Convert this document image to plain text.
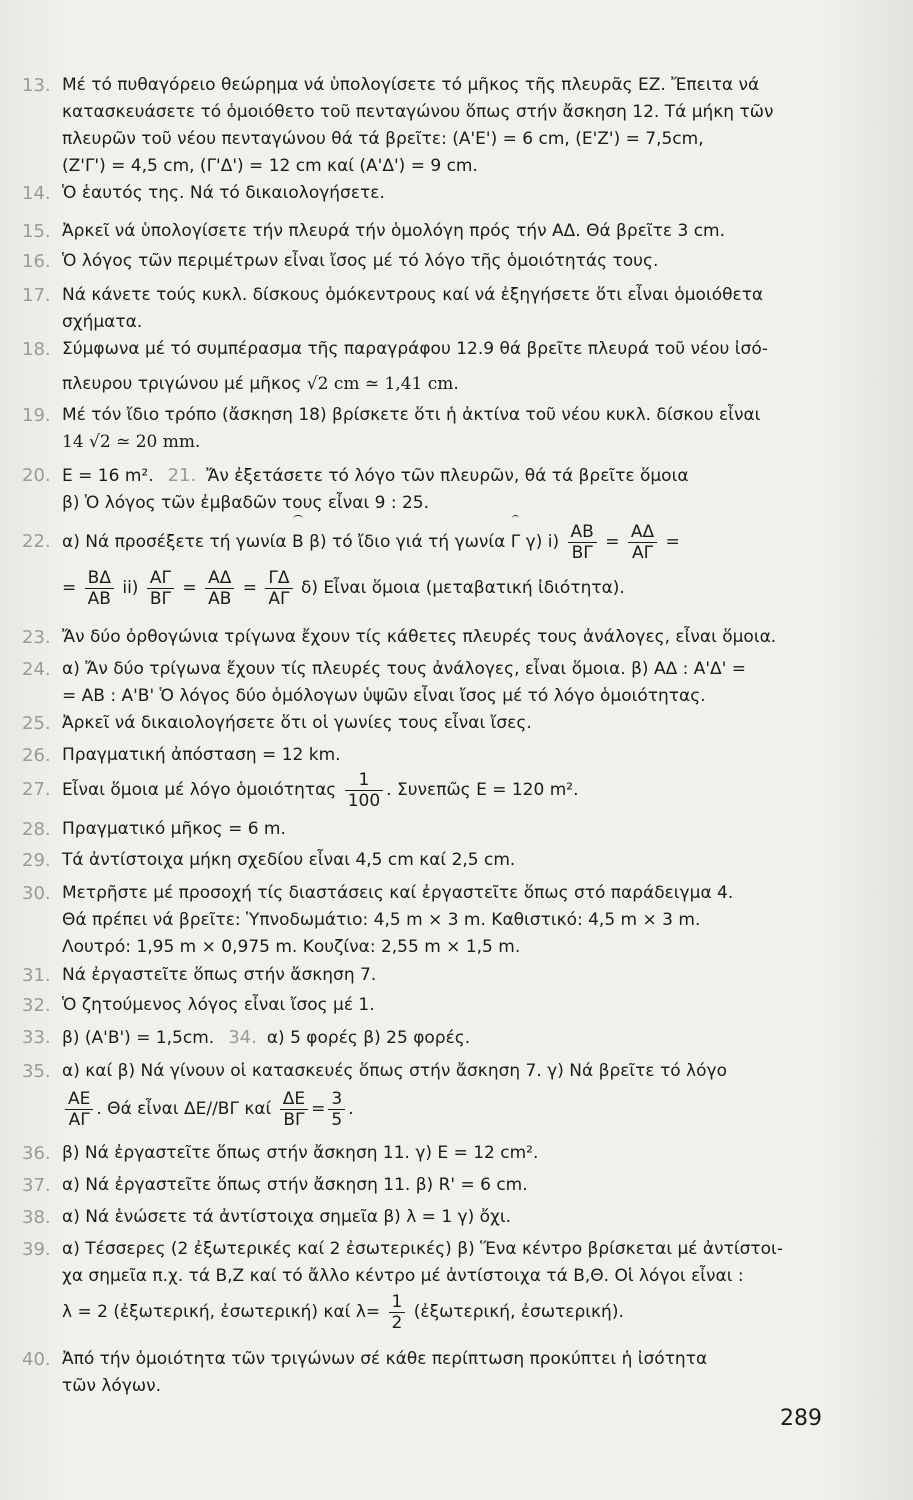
13. Μέ τό πυθαγόρειο θεώρημα νά ὑπολογίσετε τό μῆκος τῆς πλευρᾶς ΕΖ. Ἔπειτα νά
κατασκευάσετε τό ὁμοιόθετο τοῦ πενταγώνου ὅπως στήν ἄσκηση 12. Τά μήκη τῶν
πλευρῶν τοῦ νέου πενταγώνου θά τά βρεῖτε: (Α'Ε') = 6 cm, (Ε'Ζ') = 7,5cm,
(Ζ'Γ') = 4,5 cm, (Γ'Δ') = 12 cm καί (Α'Δ') = 9 cm.
14. Ὁ ἑαυτός της. Νά τό δικαιολογήσετε.
15. Ἀρκεῖ νά ὑπολογίσετε τήν πλευρά τήν ὁμολόγη πρός τήν ΑΔ. Θά βρεῖτε 3 cm.
16. Ὁ λόγος τῶν περιμέτρων εἶναι ἴσος μέ τό λόγο τῆς ὁμοιότητάς τους.
17. Νά κάνετε τούς κυκλ. δίσκους ὁμόκεντρους καί νά ἐξηγήσετε ὅτι εἶναι ὁμοιόθετα
σχήματα.
18. Σύμφωνα μέ τό συμπέρασμα τῆς παραγράφου 12.9 θά βρεῖτε πλευρά τοῦ νέου ἰσό-
πλευρου τριγώνου μέ μῆκος √2 cm ≃ 1,41 cm.
19. Μέ τόν ἴδιο τρόπο (ἄσκηση 18) βρίσκετε ὅτι ἡ ἀκτίνα τοῦ νέου κυκλ. δίσκου εἶναι
14 √2 ≃ 20 mm.
20. Ε = 16 m². 21. Ἄν ἐξετάσετε τό λόγο τῶν πλευρῶν, θά τά βρεῖτε ὅμοια
β) Ὁ λόγος τῶν ἐμβαδῶν τους εἶναι 9 : 25.
22. α) Νά προσέξετε τή γωνία Β β) τό ἴδιο γιά τή γωνία Γ γ) $i) \frac{AB}{B\Gamma} = \frac{A\Delta}{A\Gamma}$ =
= $\frac{B\Delta}{AB} ii) \frac{A\Gamma}{B\Gamma} = \frac{A\Delta}{AB} = \frac{\Gamma\Delta}{A\Gamma} \delta$) Εἶναι ὅμοια (μεταβατική ἰδιότητα).
23. Ἄν δύο ὀρθογώνια τρίγωνα ἔχουν τίς κάθετες πλευρές τους ἀνάλογες, εἶναι ὅμοια.
24. α) Ἄν δύο τρίγωνα ἔχουν τίς πλευρές τους ἀνάλογες, εἶναι ὅμοια. β) ΑΔ : Α'Δ' =
= ΑΒ : Α'Β' Ὁ λόγος δύο ὁμόλογων ὑψῶν εἶναι ἴσος μέ τό λόγο ὁμοιότητας.
25. Ἀρκεῖ νά δικαιολογήσετε ὅτι οἱ γωνίες τους εἶναι ἴσες.
26. Πραγματική ἀπόσταση = 12 km.
27. Εἶναι ὅμοια μέ λόγο ὁμοιότητας $\frac{1}{100}$ . Συνεπῶς Ε = 120 m².
28. Πραγματικό μῆκος = 6 m.
29. Τά ἀντίστοιχα μήκη σχεδίου εἶναι 4,5 cm καί 2,5 cm.
30. Μετρῆστε μέ προσοχή τίς διαστάσεις καί ἐργαστεῖτε ὅπως στό παράδειγμα 4.
Θά πρέπει νά βρεῖτε: Ὑπνοδωμάτιο: 4,5 m × 3 m. Καθιστικό: 4,5 m × 3 m.
Λουτρό: 1,95 m × 0,975 m. Κουζίνα: 2,55 m × 1,5 m.
31. Νά ἐργαστεῖτε ὅπως στήν ἄσκηση 7.
32. Ὁ ζητούμενος λόγος εἶναι ἴσος μέ 1.
33. β) (Α'Β') = 1,5cm. 34. α) 5 φορές β) 25 φορές.
35. α) καί β) Νά γίνουν οἱ κατασκευές ὅπως στήν ἄσκηση 7. γ) Νά βρεῖτε τό λόγο
$\frac{AE}{A\Gamma}$ . Θά εἶναι ΔΕ//ΒΓ καί $\frac{\Delta E}{B\Gamma} = \frac{3}{5}$ .
36. β) Νά ἐργαστεῖτε ὅπως στήν ἄσκηση 11. γ) Ε = 12 cm².
37. α) Νά ἐργαστεῖτε ὅπως στήν ἄσκηση 11. β) R' = 6 cm.
38. α) Νά ἑνώσετε τά ἀντίστοιχα σημεῖα β) λ = 1 γ) ὄχι.
39. α) Τέσσερες (2 ἐξωτερικές καί 2 ἐσωτερικές) β) Ἕνα κέντρο βρίσκεται μέ ἀντίστοι-
χα σημεῖα π.χ. τά Β,Ζ καί τό ἄλλο κέντρο μέ ἀντίστοιχα τά Β,Θ. Οἱ λόγοι εἶναι :
λ = 2 (ἐξωτερική, ἐσωτερική) καί $\lambda= \frac{1}{2}$ (ἐξωτερική, ἐσωτερική).
40. Ἀπό τήν ὁμοιότητα τῶν τριγώνων σέ κάθε περίπτωση προκύπτει ἡ ἰσότητα
τῶν λόγων.
289
